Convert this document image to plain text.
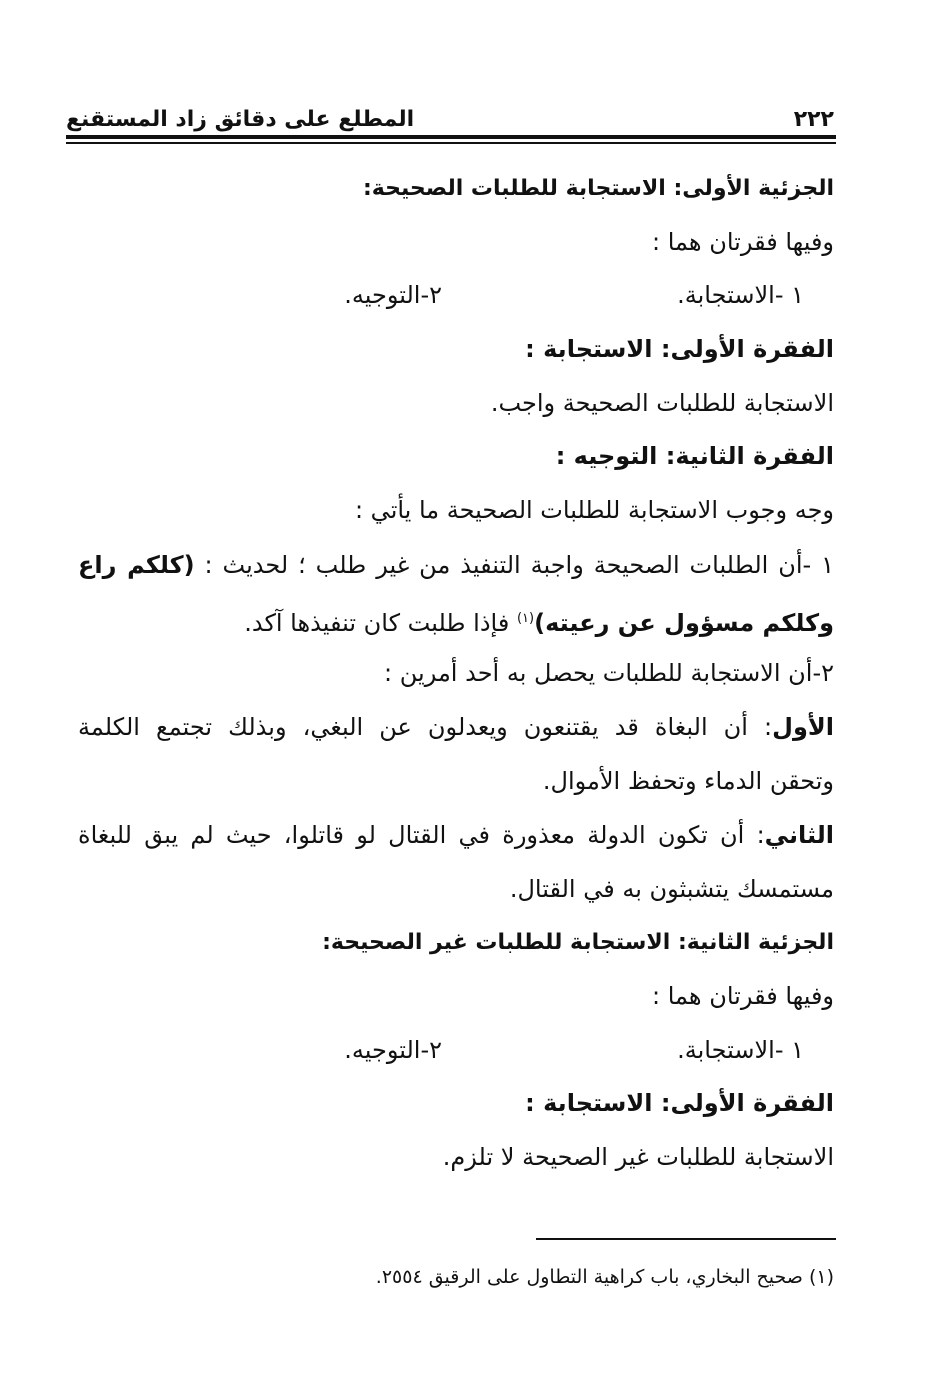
٢٢٢
المطلع على دقائق زاد المستقنع
الجزئية الأولى: الاستجابة للطلبات الصحيحة:
وفيها فقرتان هما :
١ -الاستجابة.
٢-التوجيه.
الفقرة الأولى: الاستجابة :
الاستجابة للطلبات الصحيحة واجب.
الفقرة الثانية: التوجيه :
وجه وجوب الاستجابة للطلبات الصحيحة ما يأتي :
١ -أن الطلبات الصحيحة واجبة التنفيذ من غير طلب ؛ لحديث : (كلكم راع
وكلكم مسؤول عن رعيته)$^{(١)}$ فإذا طلبت كان تنفيذها آكد.
٢-أن الاستجابة للطلبات يحصل به أحد أمرين :
الأول: أن البغاة قد يقتنعون ويعدلون عن البغي، وبذلك تجتمع الكلمة
وتحقن الدماء وتحفظ الأموال.
الثاني: أن تكون الدولة معذورة في القتال لو قاتلوا، حيث لم يبق للبغاة
مستمسك يتشبثون به في القتال.
الجزئية الثانية: الاستجابة للطلبات غير الصحيحة:
وفيها فقرتان هما :
١ -الاستجابة.
٢-التوجيه.
الفقرة الأولى: الاستجابة :
الاستجابة للطلبات غير الصحيحة لا تلزم.
(١) صحيح البخاري، باب كراهية التطاول على الرقيق ٢٥٥٤.
